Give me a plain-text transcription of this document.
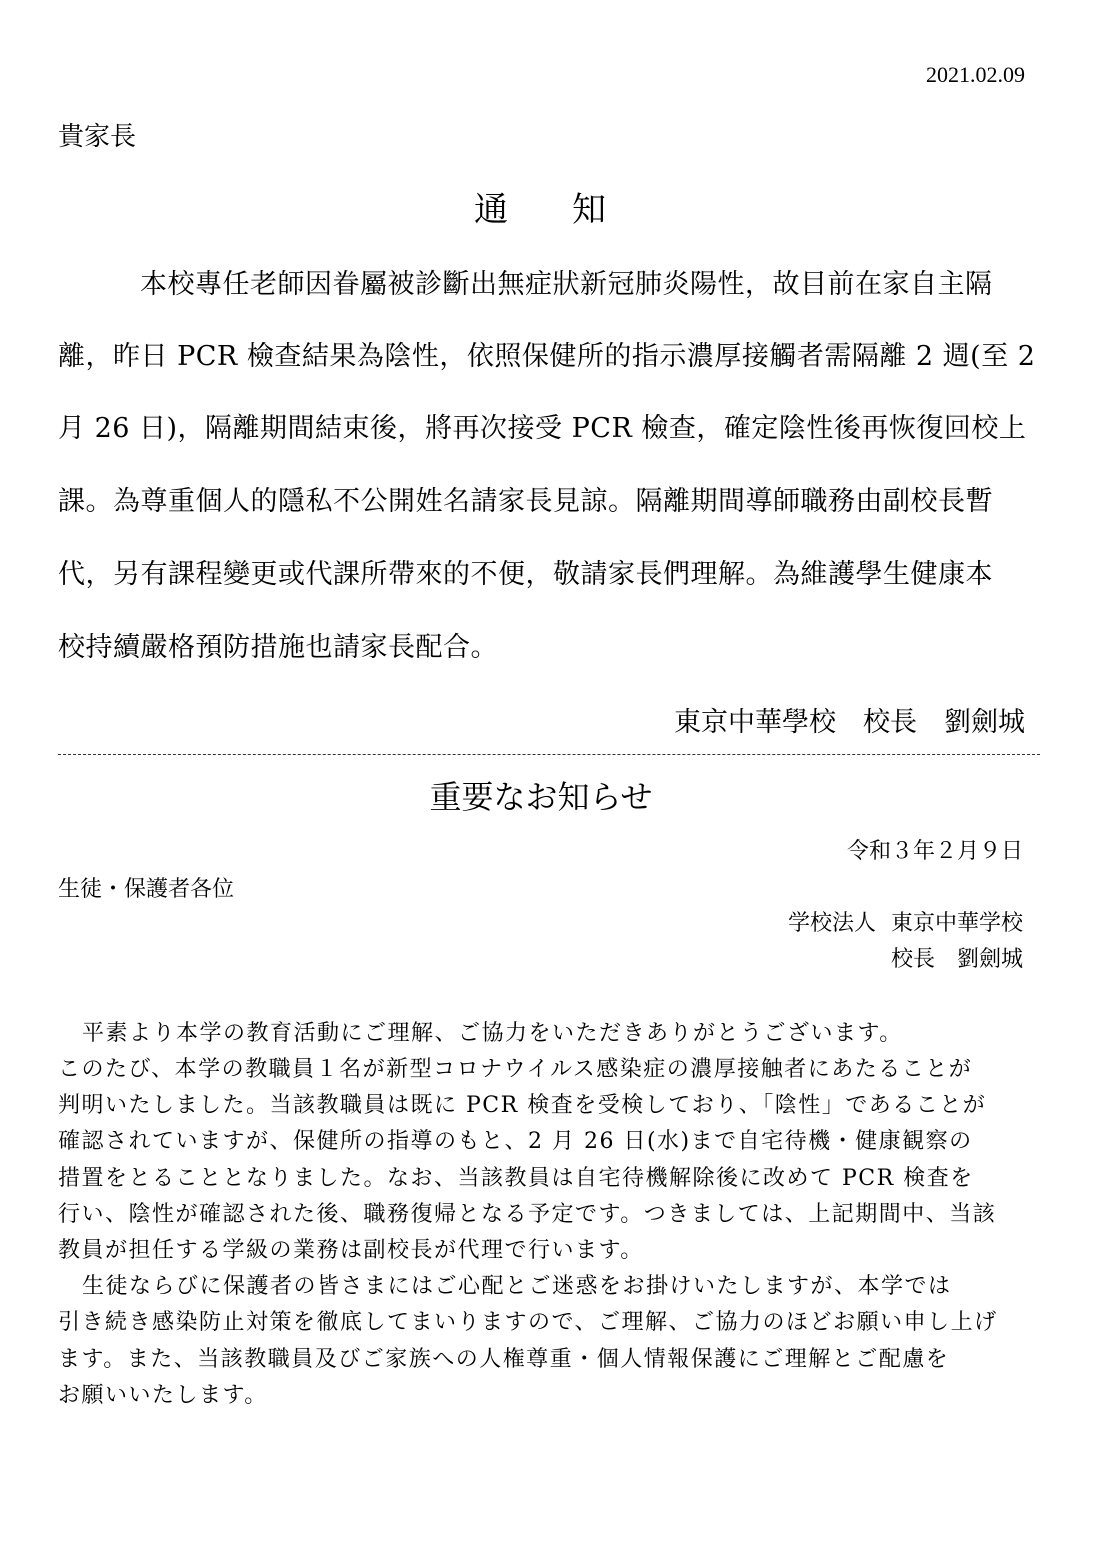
2021.02.09
貴家長
通知
本校專任老師因眷屬被診斷出無症狀新冠肺炎陽性，故目前在家自主隔
離，昨日 PCR 檢查結果為陰性，依照保健所的指示濃厚接觸者需隔離 2 週(至 2
月 26 日)，隔離期間結束後，將再次接受 PCR 檢查，確定陰性後再恢復回校上
課。為尊重個人的隱私不公開姓名請家長見諒。隔離期間導師職務由副校長暫
代，另有課程變更或代課所帶來的不便，敬請家長們理解。為維護學生健康本
校持續嚴格預防措施也請家長配合。
東京中華學校　校長　劉劍城
重要なお知らせ
令和３年２月９日
生徒・保護者各位
学校法人 東京中華学校
校長　劉劍城
平素より本学の教育活動にご理解、ご協力をいただきありがとうございます。
このたび、本学の教職員１名が新型コロナウイルス感染症の濃厚接触者にあたることが
判明いたしました。当該教職員は既に PCR 検査を受検しており、「陰性」であることが
確認されていますが、保健所の指導のもと、2 月 26 日(水)まで自宅待機・健康観察の
措置をとることとなりました。なお、当該教員は自宅待機解除後に改めて PCR 検査を
行い、陰性が確認された後、職務復帰となる予定です。つきましては、上記期間中、当該
教員が担任する学級の業務は副校長が代理で行います。
生徒ならびに保護者の皆さまにはご心配とご迷惑をお掛けいたしますが、本学では
引き続き感染防止対策を徹底してまいりますので、ご理解、ご協力のほどお願い申し上げ
ます。また、当該教職員及びご家族への人権尊重・個人情報保護にご理解とご配慮を
お願いいたします。
